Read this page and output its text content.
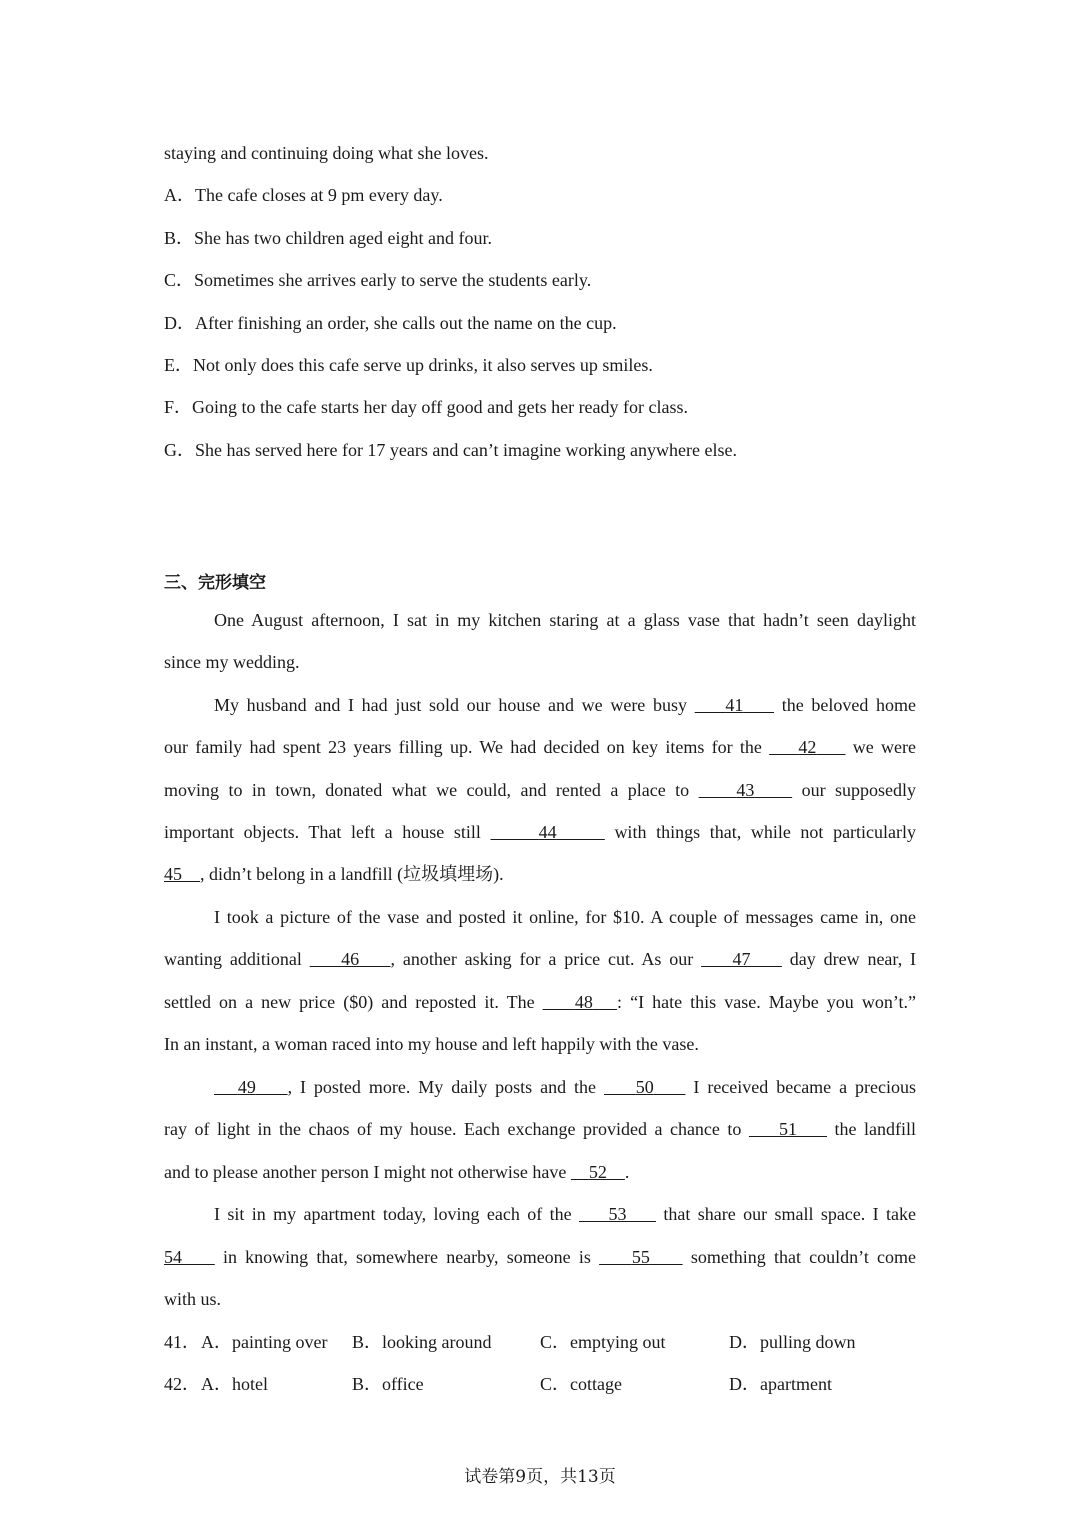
staying and continuing doing what she loves.
A．The cafe closes at 9 pm every day.
B．She has two children aged eight and four.
C．Sometimes she arrives early to serve the students early.
D．After finishing an order, she calls out the name on the cup.
E．Not only does this cafe serve up drinks, it also serves up smiles.
F．Going to the cafe starts her day off good and gets her ready for class.
G．She has served here for 17 years and can’t imagine working anywhere else.
三、完形填空
One August afternoon, I sat in my kitchen staring at a glass vase that hadn’t seen daylight
since my wedding.
My husband and I had just sold our house and we were busy 41 the beloved home
our family had spent 23 years filling up. We had decided on key items for the 42 we were
moving to in town, donated what we could, and rented a place to	43	our supposedly
important objects. That left a house still	44	with things that, while not particularly
45 , didn’t belong in a landfill (垃圾填埋场).
I took a picture of the vase and posted it online, for $10. A couple of messages came in, one
wanting additional 46 , another asking for a price cut. As our 47 day drew near, I
settled on a new price ($0) and reposted it. The 48 : “I hate this vase. Maybe you won’t.”
In an instant, a woman raced into my house and left happily with the vase.
49 , I posted more. My daily posts and the 50 I received became a precious
ray of light in the chaos of my house. Each exchange provided a chance to 51 the landfill
and to please another person I might not otherwise have 52 .
I sit in my apartment today, loving each of the 53 that share our small space. I take
54 in knowing that, somewhere nearby, someone is 55 something that couldn’t come
with us.
41． A．painting over B．looking around	C．emptying out	D．pulling down
42． A．hotel	B．office	C．cottage	D．apartment
试卷第9页，共13页
